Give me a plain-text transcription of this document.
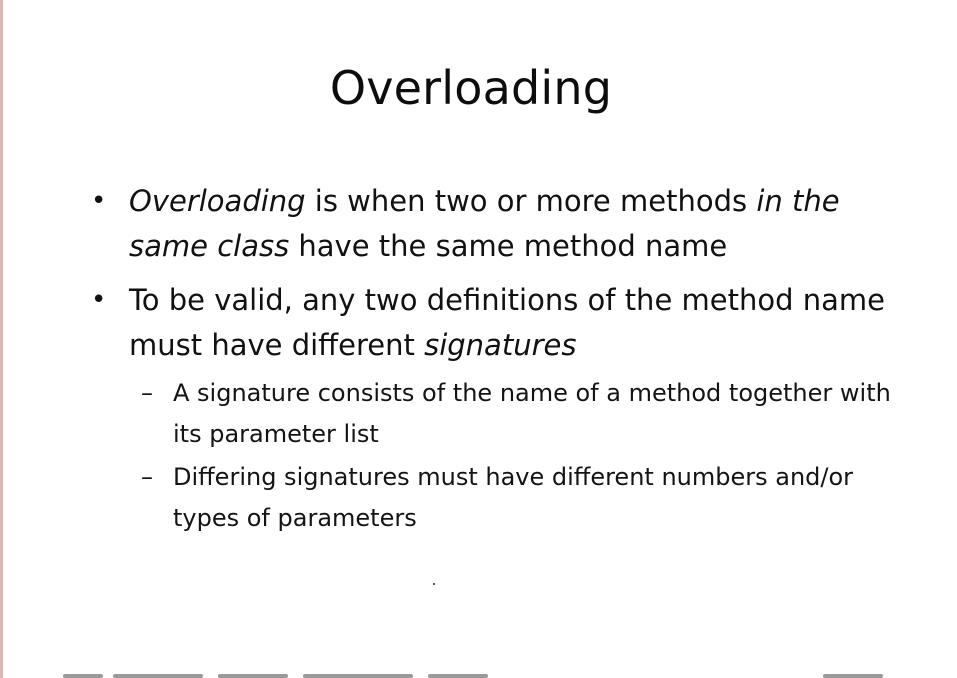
Overloading
• Overloading is when two or more methods in the same class have the same method name
• To be valid, any two definitions of the method name must have different signatures
– A signature consists of the name of a method together with its parameter list
– Differing signatures must have different numbers and/or types of parameters
